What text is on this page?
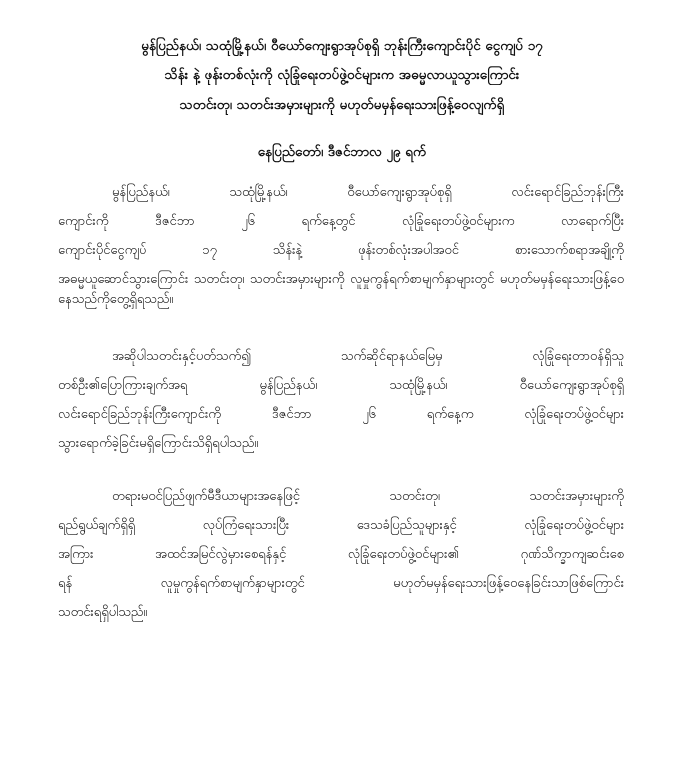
မွန်ပြည်နယ်၊ သထုံမြို့နယ်၊ ဝီယော်ကျေးရွာအုပ်စုရှိ ဘုန်းကြီးကျောင်းပိုင် ငွေကျပ် ၁၇
သိန်း နဲ့ ဖုန်းတစ်လုံးကို လုံခြုံရေးတပ်ဖွဲ့ဝင်များက အဓမ္မလာယူသွားကြောင်း
သတင်းတု၊ သတင်းအမှားများကို မဟုတ်မမှန်ရေးသားဖြန့်ဝေလျက်ရှိ
နေပြည်တော်၊ ဒီဇင်ဘာလ ၂၉ ရက်
မွန်ပြည်နယ်၊ သထုံမြို့နယ်၊ ဝီယော်ကျေးရွာအုပ်စုရှိ လင်းရောင်ခြည်ဘုန်းကြီး
ကျောင်းကို ဒီဇင်ဘာ ၂၆ ရက်နေ့တွင် လုံခြုံရေးတပ်ဖွဲ့ဝင်များက လာရောက်ပြီး
ကျောင်းပိုင်ငွေကျပ် ၁၇ သိန်းနဲ့ ဖုန်းတစ်လုံးအပါအဝင် စားသောက်စရာအချို့ကို
အဓမ္မယူဆောင်သွားကြောင်း သတင်းတု၊ သတင်းအမှားများကို လူမှုကွန်ရက်စာမျက်နှာများတွင် မဟုတ်မမှန်ရေးသားဖြန့်ဝေနေသည်ကိုတွေ့ရှိရသည်။
အဆိုပါသတင်းနှင့်ပတ်သက်၍ သက်ဆိုင်ရာနယ်မြေမှ လုံခြုံရေးတာဝန်ရှိသူ
တစ်ဦး၏ပြောကြားချက်အရ မွန်ပြည်နယ်၊ သထုံမြို့နယ်၊ ဝီယော်ကျေးရွာအုပ်စုရှိ
လင်းရောင်ခြည်ဘုန်းကြီးကျောင်းကို ဒီဇင်ဘာ ၂၆ ရက်နေ့က လုံခြုံရေးတပ်ဖွဲ့ဝင်များ
သွားရောက်ခဲ့ခြင်းမရှိကြောင်းသိရှိရပါသည်။
တရားမဝင်ပြည်ဖျက်မီဒီယာများအနေဖြင့် သတင်းတု၊ သတင်းအမှားများကို
ရည်ရွယ်ချက်ရှိရှိ လုပ်ကြံရေးသားပြီး ဒေသခံပြည်သူများနှင့် လုံခြုံရေးတပ်ဖွဲ့ဝင်များ
အကြား အထင်အမြင်လွဲမှားစေရန်နှင့် လုံခြုံရေးတပ်ဖွဲ့ဝင်များ၏ ဂုဏ်သိက္ခာကျဆင်းစေ
ရန် လူမှုကွန်ရက်စာမျက်နှာများတွင် မဟုတ်မမှန်ရေးသားဖြန့်ဝေနေခြင်းသာဖြစ်ကြောင်း
သတင်းရရှိပါသည်။
